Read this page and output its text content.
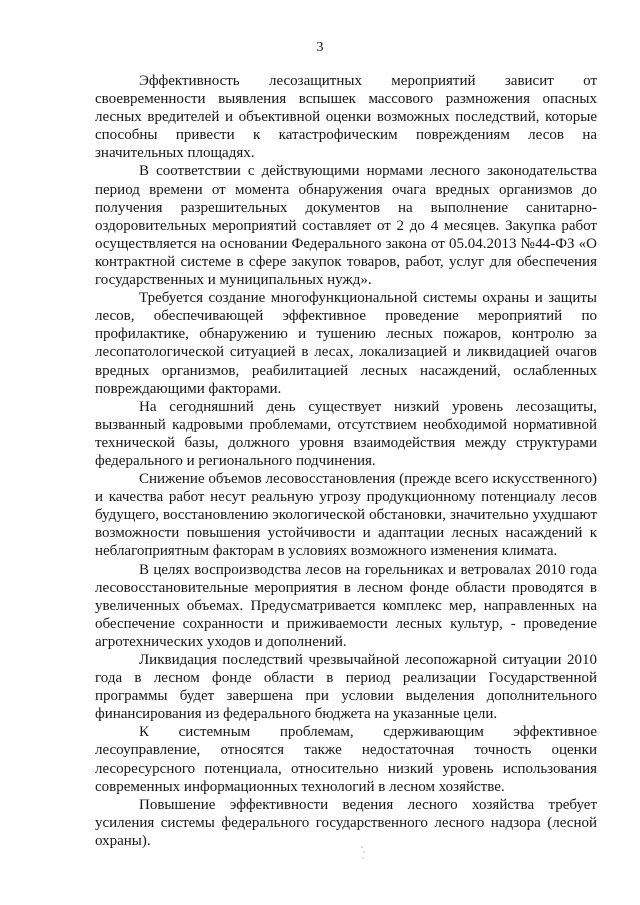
3

Эффективность лесозащитных мероприятий зависит от своевременности выявления вспышек массового размножения опасных лесных вредителей и объективной оценки возможных последствий, которые способны привести к катастрофическим повреждениям лесов на значительных площадях.

В соответствии с действующими нормами лесного законодательства период времени от момента обнаружения очага вредных организмов до получения разрешительных документов на выполнение санитарно-оздоровительных мероприятий составляет от 2 до 4 месяцев. Закупка работ осуществляется на основании Федерального закона от 05.04.2013 №44-ФЗ «О контрактной системе в сфере закупок товаров, работ, услуг для обеспечения государственных и муниципальных нужд».

Требуется создание многофункциональной системы охраны и защиты лесов, обеспечивающей эффективное проведение мероприятий по профилактике, обнаружению и тушению лесных пожаров, контролю за лесопатологической ситуацией в лесах, локализацией и ликвидацией очагов вредных организмов, реабилитацией лесных насаждений, ослабленных повреждающими факторами.

На сегодняшний день существует низкий уровень лесозащиты, вызванный кадровыми проблемами, отсутствием необходимой нормативной технической базы, должного уровня взаимодействия между структурами федерального и регионального подчинения.

Снижение объемов лесовосстановления (прежде всего искусственного) и качества работ несут реальную угрозу продукционному потенциалу лесов будущего, восстановлению экологической обстановки, значительно ухудшают возможности повышения устойчивости и адаптации лесных насаждений к неблагоприятным факторам в условиях возможного изменения климата.

В целях воспроизводства лесов на горельниках и ветровалах 2010 года лесовосстановительные мероприятия в лесном фонде области проводятся в увеличенных объемах. Предусматривается комплекс мер, направленных на обеспечение сохранности и приживаемости лесных культур, - проведение агротехнических уходов и дополнений.

Ликвидация последствий чрезвычайной лесопожарной ситуации 2010 года в лесном фонде области в период реализации Государственной программы будет завершена при условии выделения дополнительного финансирования из федерального бюджета на указанные цели.

К системным проблемам, сдерживающим эффективное лесоуправление, относятся также недостаточная точность оценки лесоресурсного потенциала, относительно низкий уровень использования современных информационных технологий в лесном хозяйстве.

Повышение эффективности ведения лесного хозяйства требует усиления системы федерального государственного лесного надзора (лесной охраны).
